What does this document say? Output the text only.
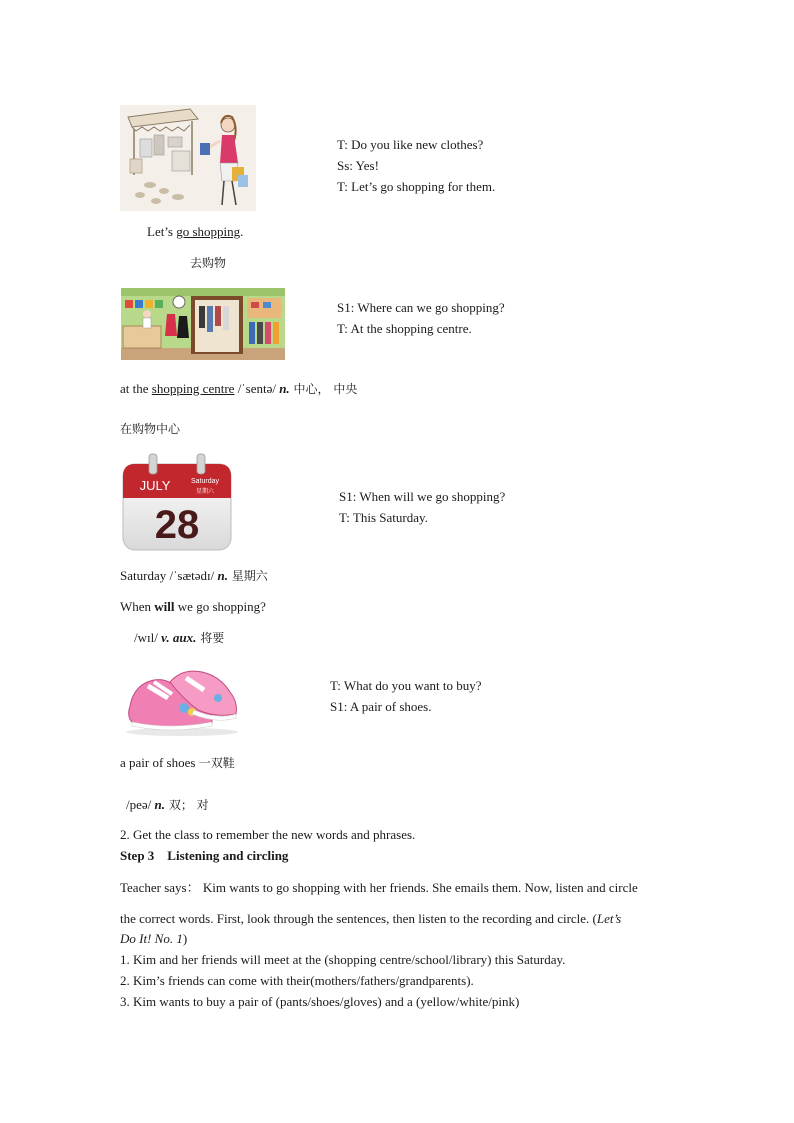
T: Do you like new clothes?
Ss: Yes!
T: Let’s go shopping for them.
Let’s go shopping.
去购物
S1: Where can we go shopping?
T: At the shopping centre.
at the shopping centre /ˈsentə/ n. 中心， 中央
在购物中心
JULY	Saturday
星期六
28
S1: When will we go shopping?
T: This Saturday.
Saturday /ˈsætədɪ/ n. 星期六
When will we go shopping?
/wɪl/ v. aux. 将要
T: What do you want to buy?
S1: A pair of shoes.
a pair of shoes 一双鞋
/peə/ n. 双； 对
2. Get the class to remember the new words and phrases.
Step 3    Listening and circling
Teacher says： Kim wants to go shopping with her friends. She emails them. Now, listen and circle
the correct words. First, look through the sentences, then listen to the recording and circle. (Let’s
Do It! No. 1)
1. Kim and her friends will meet at the (shopping centre/school/library) this Saturday.
2. Kim’s friends can come with their(mothers/fathers/grandparents).
3. Kim wants to buy a pair of (pants/shoes/gloves) and a (yellow/white/pink)
